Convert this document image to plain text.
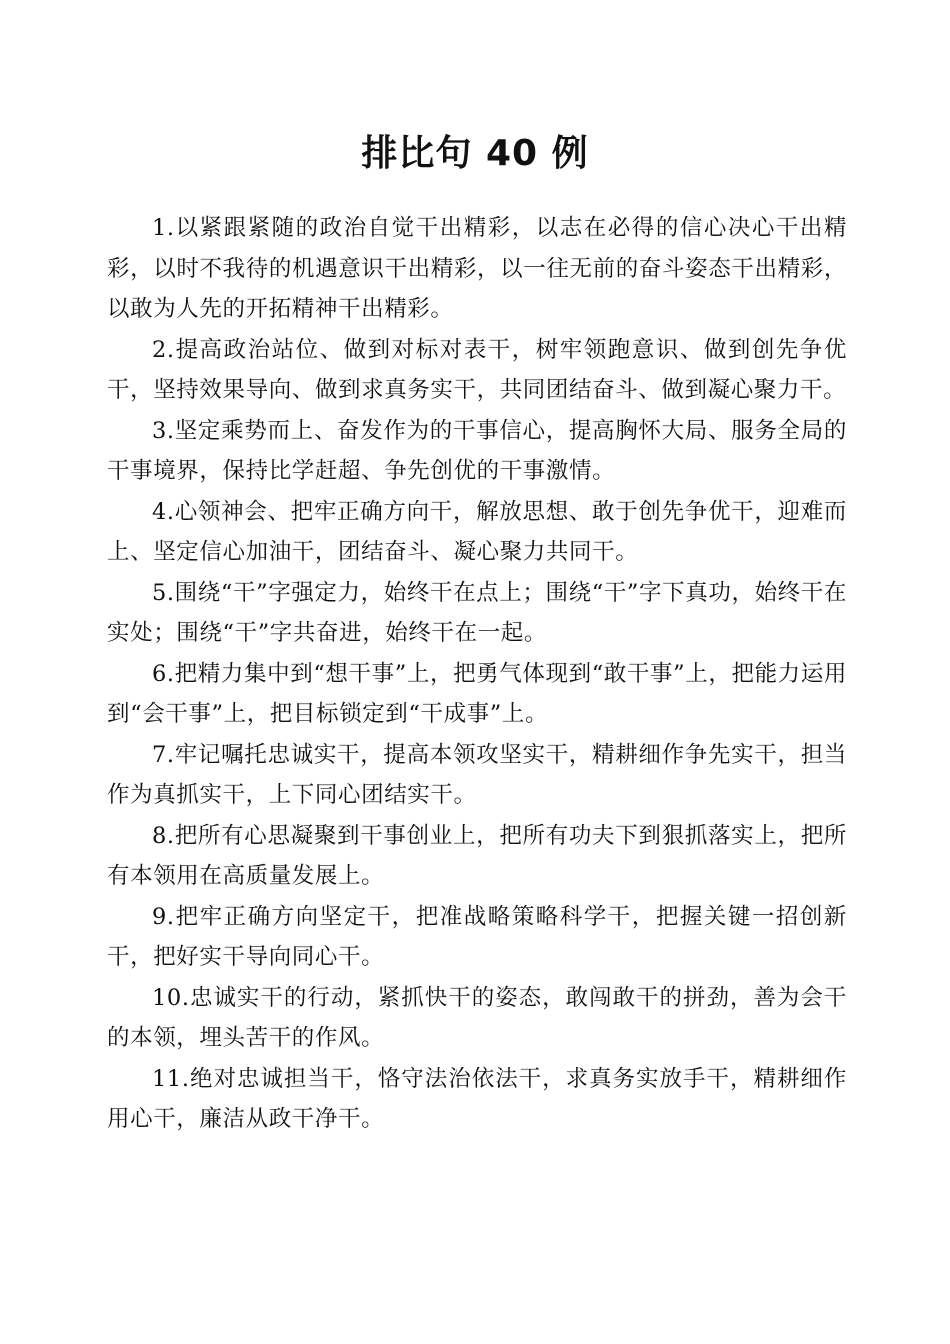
排比句 40 例

1.以紧跟紧随的政治自觉干出精彩，以志在必得的信心决心干出精彩，以时不我待的机遇意识干出精彩，以一往无前的奋斗姿态干出精彩，以敢为人先的开拓精神干出精彩。

2.提高政治站位、做到对标对表干，树牢领跑意识、做到创先争优干，坚持效果导向、做到求真务实干，共同团结奋斗、做到凝心聚力干。

3.坚定乘势而上、奋发作为的干事信心，提高胸怀大局、服务全局的干事境界，保持比学赶超、争先创优的干事激情。

4.心领神会、把牢正确方向干，解放思想、敢于创先争优干，迎难而上、坚定信心加油干，团结奋斗、凝心聚力共同干。

5.围绕“干”字强定力，始终干在点上；围绕“干”字下真功，始终干在实处；围绕“干”字共奋进，始终干在一起。

6.把精力集中到“想干事”上，把勇气体现到“敢干事”上，把能力运用到“会干事”上，把目标锁定到“干成事”上。

7.牢记嘱托忠诚实干，提高本领攻坚实干，精耕细作争先实干，担当作为真抓实干，上下同心团结实干。

8.把所有心思凝聚到干事创业上，把所有功夫下到狠抓落实上，把所有本领用在高质量发展上。

9.把牢正确方向坚定干，把准战略策略科学干，把握关键一招创新干，把好实干导向同心干。

10.忠诚实干的行动，紧抓快干的姿态，敢闯敢干的拼劲，善为会干的本领，埋头苦干的作风。

11.绝对忠诚担当干，恪守法治依法干，求真务实放手干，精耕细作用心干，廉洁从政干净干。
